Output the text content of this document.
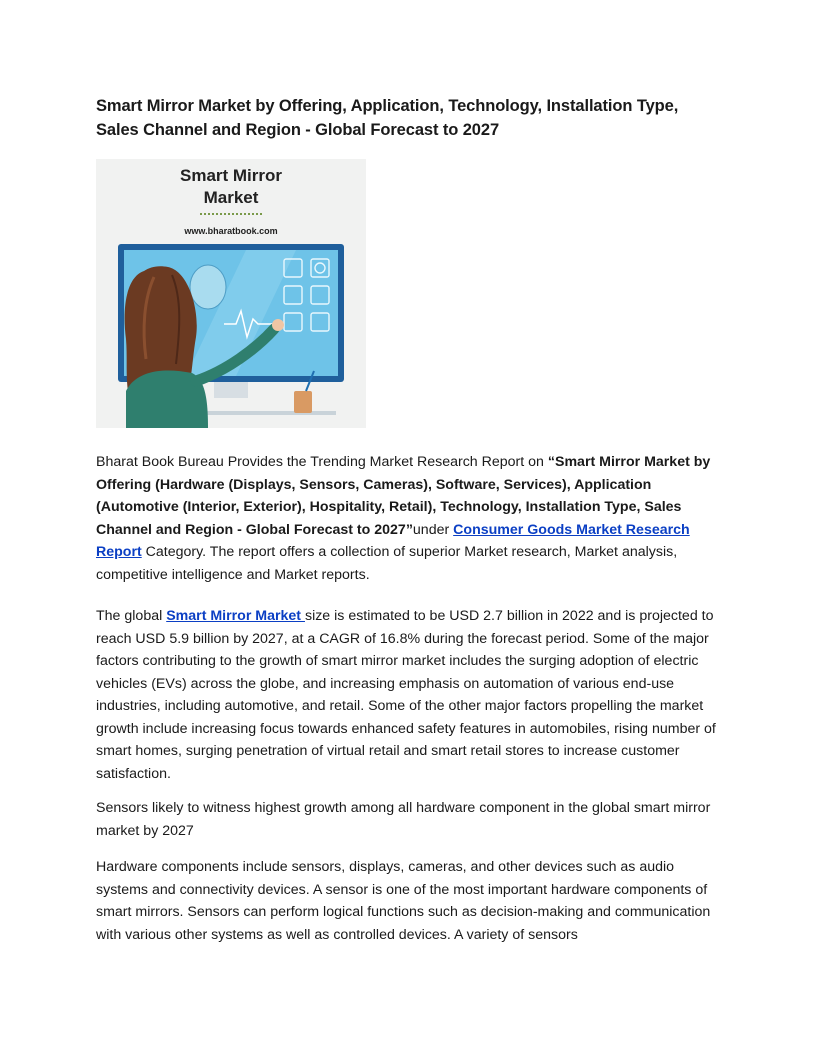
Smart Mirror Market by Offering, Application, Technology, Installation Type, Sales Channel and Region - Global Forecast to 2027
Smart Mirror
Market
www.bharatbook.com

Bharat Book Bureau Provides the Trending Market Research Report on “Smart Mirror Market by Offering (Hardware (Displays, Sensors, Cameras), Software, Services), Application (Automotive (Interior, Exterior), Hospitality, Retail), Technology, Installation Type, Sales Channel and Region - Global Forecast to 2027”under Consumer Goods Market Research Report Category. The report offers a collection of superior Market research, Market analysis, competitive intelligence and Market reports.

The global Smart Mirror Market size is estimated to be USD 2.7 billion in 2022 and is projected to reach USD 5.9 billion by 2027, at a CAGR of 16.8% during the forecast period. Some of the major factors contributing to the growth of smart mirror market includes the surging adoption of electric vehicles (EVs) across the globe, and increasing emphasis on automation of various end-use industries, including automotive, and retail. Some of the other major factors propelling the market growth include increasing focus towards enhanced safety features in automobiles, rising number of smart homes, surging penetration of virtual retail and smart retail stores to increase customer satisfaction.

Sensors likely to witness highest growth among all hardware component in the global smart mirror market by 2027

Hardware components include sensors, displays, cameras, and other devices such as audio systems and connectivity devices. A sensor is one of the most important hardware components of smart mirrors. Sensors can perform logical functions such as decision-making and communication with various other systems as well as controlled devices. A variety of sensors
